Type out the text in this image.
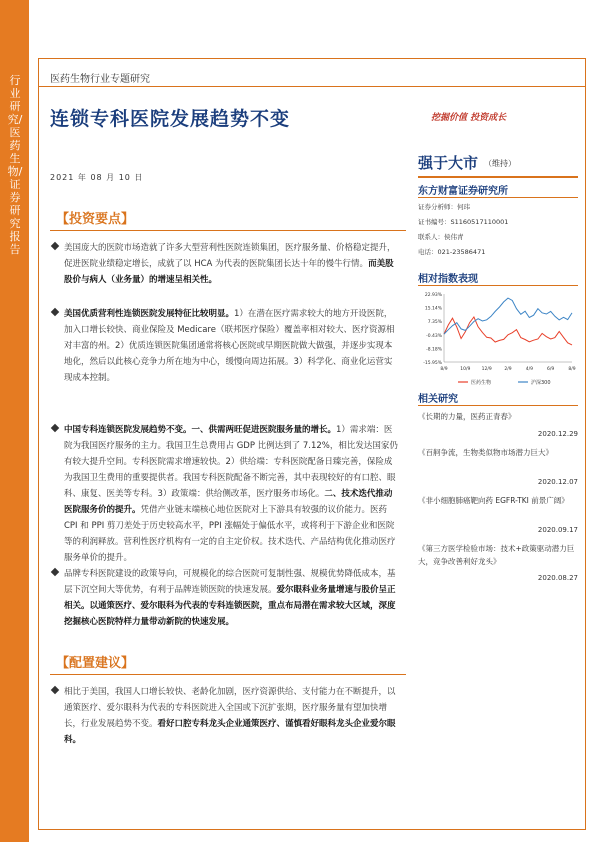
行业研究/医药生物/证券研究报告
医药生物行业专题研究
连锁专科医院发展趋势不变	挖掘价值 投资成长
2021 年 08 月 10 日
【投资要点】
美国庞大的医院市场造就了许多大型营利性医院连锁集团，医疗服务量、价格稳定提升，促进医院业绩稳定增长，成就了以 HCA 为代表的医院集团长达十年的慢牛行情。而美股股价与病人（业务量）的增速呈相关性。
美国优质营利性连锁医院发展特征比较明显。1）在潜在医疗需求较大的地方开设医院，加入口增长较快、商业保险及 Medicare（联邦医疗保险）覆盖率相对较大、医疗资源相对丰富的州。2）优质连锁医院集团通常将核心医院或早期医院做大做强，并逐步实现本地化，然后以此核心竞争力所在地为中心，缓慢向周边拓展。3）科学化、商业化运营实现成本控制。
中国专科连锁医院发展趋势不变。一、供需两旺促进医院服务量的增长。1）需求端：医院为我国医疗服务的主力。我国卫生总费用占 GDP 比例达到了 7.12%，相比发达国家仍有较大提升空间。专科医院需求增速较快。2）供给端：专科医院配备日臻完善，保险成为我国卫生费用的重要提供者。我国专科医院配备不断完善，其中表现较好的有口腔、眼科、康复、医美等专科。3）政策端：供给侧改革，医疗服务市场化。二、技术迭代推动医院服务价的提升。凭借产业链末端核心地位医院对上下游具有较强的议价能力。医药 CPI 和 PPI 剪刀差处于历史较高水平，PPI 涨幅处于偏低水平，或将利于下游企业和医院等的利润释放。营利性医疗机构有一定的自主定价权。技术迭代、产品结构优化推动医疗服务单价的提升。
品牌专科医院建设的政策导向，可规模化的综合医院可复制性强、规模优势降低成本，基层下沉空间大等优势，有利于品牌连锁医院的快速发展。爱尔眼科业务量增速与股价呈正相关。以通策医疗、爱尔眼科为代表的专科连锁医院，重点布局潜在需求较大区域，深度挖掘核心医院特样力量带动新院的快速发展。
【配置建议】
相比于美国，我国人口增长较快、老龄化加剧，医疗资源供给、支付能力在不断提升，以通策医疗、爱尔眼科为代表的专科医院进入全国或下沉扩张期，医疗服务量有望加快增长，行业发展趋势不变。看好口腔专科龙头企业通策医疗、谨慎看好眼科龙头企业爱尔眼科。
强于大市 （维持）
东方财富证券研究所
证券分析师：何玮
证书编号：S1160517110001
联系人：侯伟青
电话：021-23586471
相对指数表现
22.93%
15.14%
7.35%
-0.43%
-8.18%
-15.95%
8/9	10/9 12/9	2/9	4/9	6/9	8/9
医药生物	沪深300
相关研究
《长期的力量，医药正青春》
2020.12.29
《百舸争流，生物类似物市场潜力巨大》
2020.12.07
《非小细胞肺癌靶向药 EGFR-TKI 前景广阔》
2020.09.17
《第三方医学检验市场：技术+政策驱动潜力巨大，竞争改善利好龙头》
2020.08.27
